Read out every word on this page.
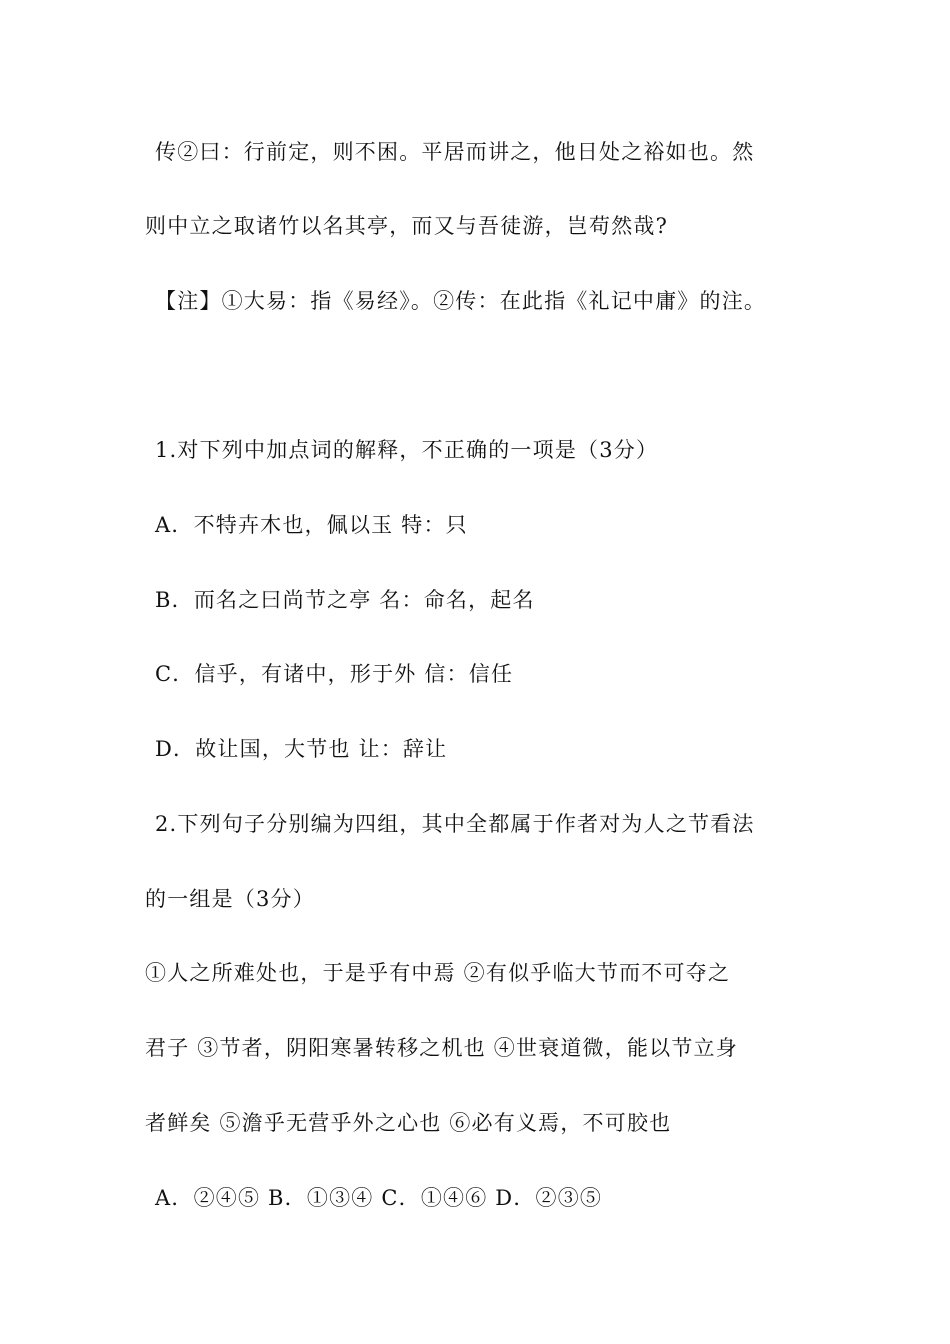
传②曰：行前定，则不困。平居而讲之，他日处之裕如也。然
则中立之取诸竹以名其亭，而又与吾徒游，岂苟然哉?
【注】①大易：指《易经》。②传：在此指《礼记中庸》的注。
1.对下列中加点词的解释，不正确的一项是（3分）
A．不特卉木也，佩以玉 特：只
B．而名之曰尚节之亭 名：命名，起名
C．信乎，有诸中，形于外 信：信任
D．故让国，大节也 让：辞让
2.下列句子分别编为四组，其中全都属于作者对为人之节看法
的一组是（3分）
①人之所难处也，于是乎有中焉 ②有似乎临大节而不可夺之
君子 ③节者，阴阳寒暑转移之机也 ④世衰道微，能以节立身
者鲜矣 ⑤澹乎无营乎外之心也 ⑥必有义焉，不可胶也
A．②④⑤ B．①③④ C．①④⑥ D．②③⑤
